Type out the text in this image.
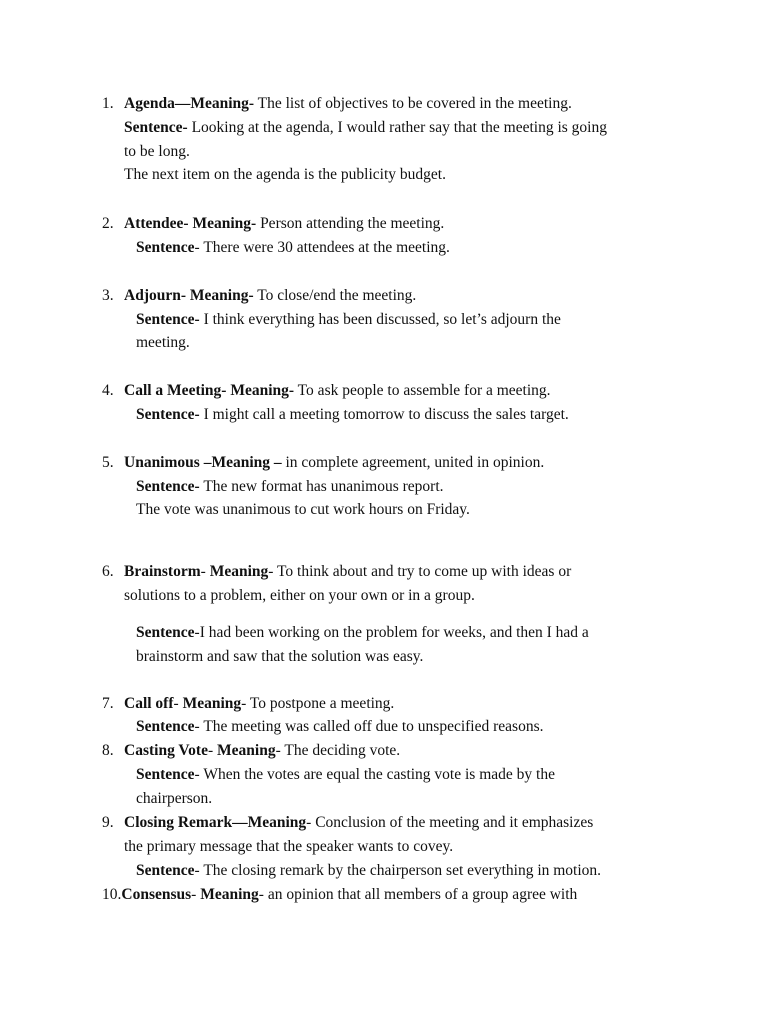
1. Agenda—Meaning- The list of objectives to be covered in the meeting.
Sentence- Looking at the agenda, I would rather say that the meeting is going
to be long.
The next item on the agenda is the publicity budget.
2. Attendee- Meaning- Person attending the meeting.
Sentence- There were 30 attendees at the meeting.
3. Adjourn- Meaning- To close/end the meeting.
Sentence- I think everything has been discussed, so let’s adjourn the
meeting.
4. Call a Meeting- Meaning- To ask people to assemble for a meeting.
Sentence- I might call a meeting tomorrow to discuss the sales target.
5. Unanimous –Meaning – in complete agreement, united in opinion.
Sentence- The new format has unanimous report.
The vote was unanimous to cut work hours on Friday.
6. Brainstorm- Meaning- To think about and try to come up with ideas or
solutions to a problem, either on your own or in a group.
Sentence-I had been working on the problem for weeks, and then I had a
brainstorm and saw that the solution was easy.
7. Call off- Meaning- To postpone a meeting.
Sentence- The meeting was called off due to unspecified reasons.
8. Casting Vote- Meaning- The deciding vote.
Sentence- When the votes are equal the casting vote is made by the
chairperson.
9. Closing Remark—Meaning- Conclusion of the meeting and it emphasizes
the primary message that the speaker wants to covey.
Sentence- The closing remark by the chairperson set everything in motion.
10.Consensus- Meaning- an opinion that all members of a group agree with
